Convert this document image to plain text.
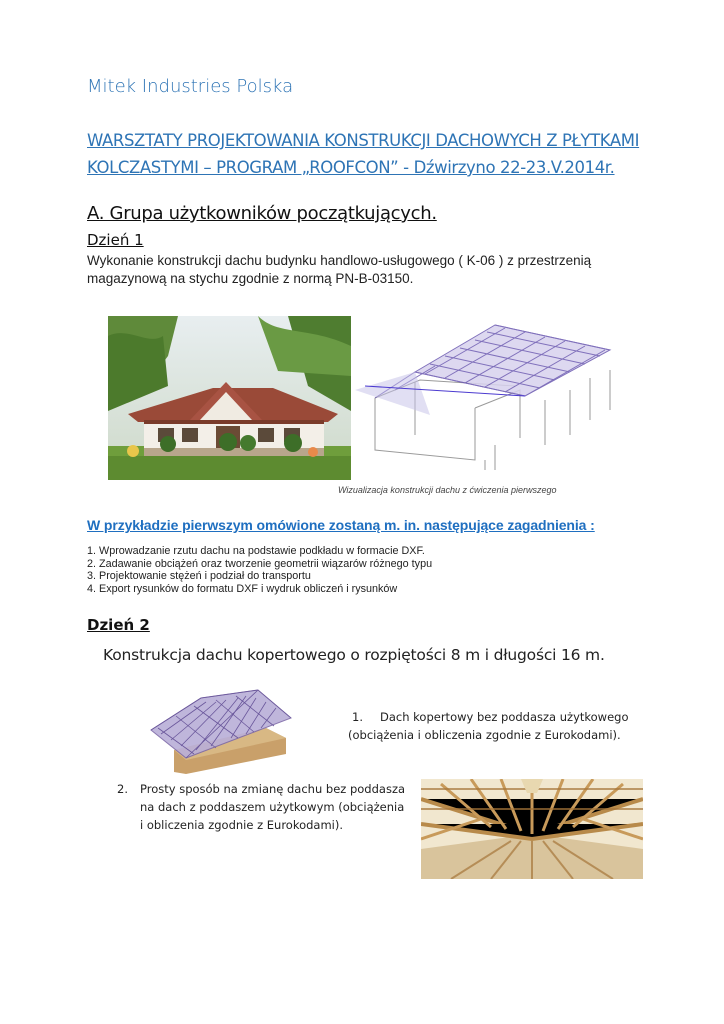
Mitek Industries Polska
WARSZTATY PROJEKTOWANIA KONSTRUKCJI DACHOWYCH Z PŁYTKAMI
KOLCZASTYMI – PROGRAM „ROOFCON” - Dźwirzyno 22-23.V.2014r.
A. Grupa użytkowników początkujących.
Dzień 1
Wykonanie konstrukcji dachu budynku handlowo-usługowego ( K-06 ) z przestrzenią
magazynową na stychu zgodnie z normą PN-B-03150.
Wizualizacja konstrukcji dachu z ćwiczenia pierwszego
W przykładzie pierwszym omówione zostaną m. in. następujące zagadnienia :
1. Wprowadzanie rzutu dachu na podstawie podkładu w formacie DXF.
2. Zadawanie obciążeń oraz tworzenie geometrii wiązarów różnego typu
3. Projektowanie stężeń i podział do transportu
4. Export rysunków do formatu DXF i wydruk obliczeń i rysunków
Dzień 2
Konstrukcja dachu kopertowego o rozpiętości 8 m i długości 16 m.
1. Dach kopertowy bez poddasza użytkowego
(obciążenia i obliczenia zgodnie z Eurokodami).
2.	Prosty sposób na zmianę dachu bez poddasza na dach z poddaszem użytkowym (obciążenia i obliczenia zgodnie z Eurokodami).
